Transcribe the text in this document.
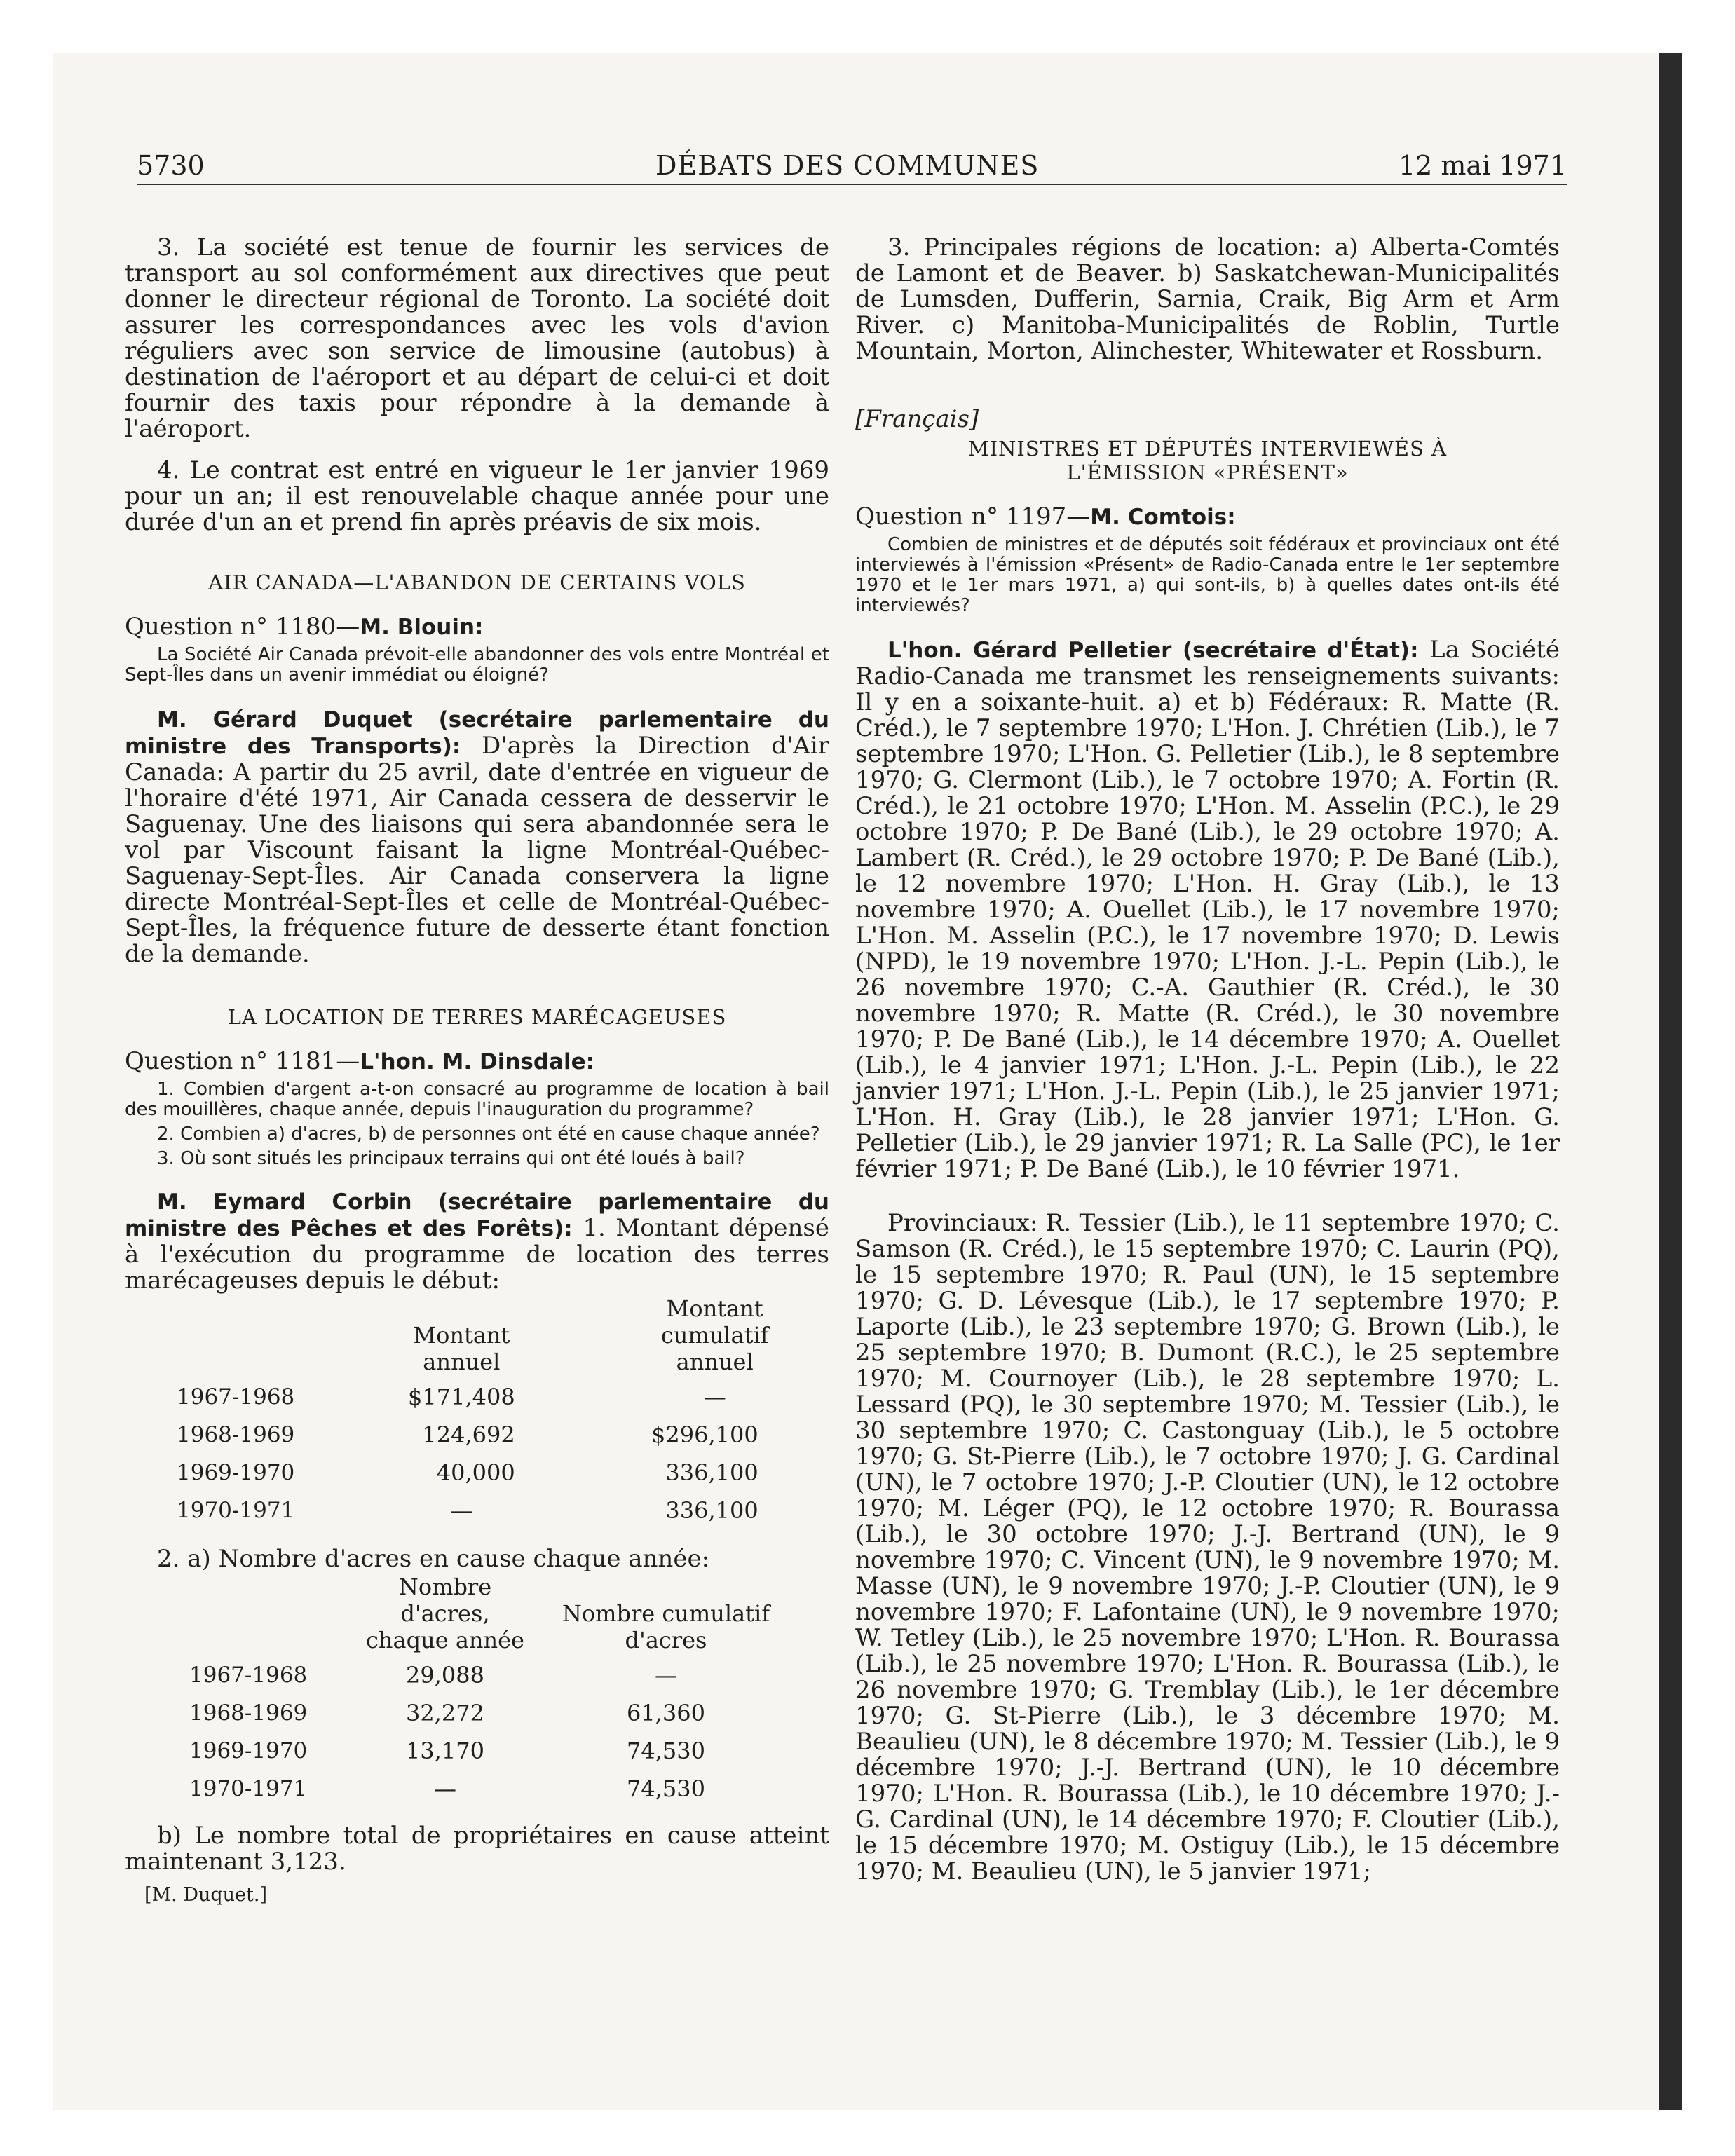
5730	DÉBATS DES COMMUNES	12 mai 1971

3. La société est tenue de fournir les services de transport au sol conformément aux directives que peut donner le directeur régional de Toronto. La société doit assurer les correspondances avec les vols d'avion réguliers avec son service de limousine (autobus) à destination de l'aéroport et au départ de celui-ci et doit fournir des taxis pour répondre à la demande à l'aéroport.

4. Le contrat est entré en vigueur le 1er janvier 1969 pour un an; il est renouvelable chaque année pour une durée d'un an et prend fin après préavis de six mois.

AIR CANADA—L'ABANDON DE CERTAINS VOLS

Question n° 1180—M. Blouin:

La Société Air Canada prévoit-elle abandonner des vols entre Montréal et Sept-Îles dans un avenir immédiat ou éloigné?

M. Gérard Duquet (secrétaire parlementaire du ministre des Transports): D'après la Direction d'Air Canada: A partir du 25 avril, date d'entrée en vigueur de l'horaire d'été 1971, Air Canada cessera de desservir le Saguenay. Une des liaisons qui sera abandonnée sera le vol par Viscount faisant la ligne Montréal-Québec-Saguenay-Sept-Îles. Air Canada conservera la ligne directe Montréal-Sept-Îles et celle de Montréal-Québec-Sept-Îles, la fréquence future de desserte étant fonction de la demande.

LA LOCATION DE TERRES MARÉCAGEUSES

Question n° 1181—L'hon. M. Dinsdale:

1. Combien d'argent a-t-on consacré au programme de location à bail des mouillères, chaque année, depuis l'inauguration du programme?

2. Combien a) d'acres, b) de personnes ont été en cause chaque année?

3. Où sont situés les principaux terrains qui ont été loués à bail?

M. Eymard Corbin (secrétaire parlementaire du ministre des Pêches et des Forêts): 1. Montant dépensé à l'exécution du programme de location des terres marécageuses depuis le début:

	Montant annuel		Montant cumulatif annuel
1967-1968	$171,408		—
1968-1969	124,692		$296,100
1969-1970	40,000		336,100
1970-1971	—		336,100

2. a) Nombre d'acres en cause chaque année:

	Nombre d'acres, chaque année		Nombre cumulatif d'acres
1967-1968	29,088		—
1968-1969	32,272		61,360
1969-1970	13,170		74,530
1970-1971	—		74,530

b) Le nombre total de propriétaires en cause atteint maintenant 3,123.

[M. Duquet.]

3. Principales régions de location: a) Alberta-Comtés de Lamont et de Beaver. b) Saskatchewan-Municipalités de Lumsden, Dufferin, Sarnia, Craik, Big Arm et Arm River. c) Manitoba-Municipalités de Roblin, Turtle Mountain, Morton, Alinchester, Whitewater et Rossburn.

[Français]

MINISTRES ET DÉPUTÉS INTERVIEWÉS À L'ÉMISSION «PRÉSENT»

Question n° 1197—M. Comtois:

Combien de ministres et de députés soit fédéraux et provinciaux ont été interviewés à l'émission «Présent» de Radio-Canada entre le 1er septembre 1970 et le 1er mars 1971, a) qui sont-ils, b) à quelles dates ont-ils été interviewés?

L'hon. Gérard Pelletier (secrétaire d'État): La Société Radio-Canada me transmet les renseignements suivants: Il y en a soixante-huit. a) et b) Fédéraux: R. Matte (R. Créd.), le 7 septembre 1970; L'Hon. J. Chrétien (Lib.), le 7 septembre 1970; L'Hon. G. Pelletier (Lib.), le 8 septembre 1970; G. Clermont (Lib.), le 7 octobre 1970; A. Fortin (R. Créd.), le 21 octobre 1970; L'Hon. M. Asselin (P.C.), le 29 octobre 1970; P. De Bané (Lib.), le 29 octobre 1970; A. Lambert (R. Créd.), le 29 octobre 1970; P. De Bané (Lib.), le 12 novembre 1970; L'Hon. H. Gray (Lib.), le 13 novembre 1970; A. Ouellet (Lib.), le 17 novembre 1970; L'Hon. M. Asselin (P.C.), le 17 novembre 1970; D. Lewis (NPD), le 19 novembre 1970; L'Hon. J.-L. Pepin (Lib.), le 26 novembre 1970; C.-A. Gauthier (R. Créd.), le 30 novembre 1970; R. Matte (R. Créd.), le 30 novembre 1970; P. De Bané (Lib.), le 14 décembre 1970; A. Ouellet (Lib.), le 4 janvier 1971; L'Hon. J.-L. Pepin (Lib.), le 22 janvier 1971; L'Hon. J.-L. Pepin (Lib.), le 25 janvier 1971; L'Hon. H. Gray (Lib.), le 28 janvier 1971; L'Hon. G. Pelletier (Lib.), le 29 janvier 1971; R. La Salle (PC), le 1er février 1971; P. De Bané (Lib.), le 10 février 1971.

Provinciaux: R. Tessier (Lib.), le 11 septembre 1970; C. Samson (R. Créd.), le 15 septembre 1970; C. Laurin (PQ), le 15 septembre 1970; R. Paul (UN), le 15 septembre 1970; G. D. Lévesque (Lib.), le 17 septembre 1970; P. Laporte (Lib.), le 23 septembre 1970; G. Brown (Lib.), le 25 septembre 1970; B. Dumont (R.C.), le 25 septembre 1970; M. Cournoyer (Lib.), le 28 septembre 1970; L. Lessard (PQ), le 30 septembre 1970; M. Tessier (Lib.), le 30 septembre 1970; C. Castonguay (Lib.), le 5 octobre 1970; G. St-Pierre (Lib.), le 7 octobre 1970; J. G. Cardinal (UN), le 7 octobre 1970; J.-P. Cloutier (UN), le 12 octobre 1970; M. Léger (PQ), le 12 octobre 1970; R. Bourassa (Lib.), le 30 octobre 1970; J.-J. Bertrand (UN), le 9 novembre 1970; C. Vincent (UN), le 9 novembre 1970; M. Masse (UN), le 9 novembre 1970; J.-P. Cloutier (UN), le 9 novembre 1970; F. Lafontaine (UN), le 9 novembre 1970; W. Tetley (Lib.), le 25 novembre 1970; L'Hon. R. Bourassa (Lib.), le 25 novembre 1970; L'Hon. R. Bourassa (Lib.), le 26 novembre 1970; G. Tremblay (Lib.), le 1er décembre 1970; G. St-Pierre (Lib.), le 3 décembre 1970; M. Beaulieu (UN), le 8 décembre 1970; M. Tessier (Lib.), le 9 décembre 1970; J.-J. Bertrand (UN), le 10 décembre 1970; L'Hon. R. Bourassa (Lib.), le 10 décembre 1970; J.-G. Cardinal (UN), le 14 décembre 1970; F. Cloutier (Lib.), le 15 décembre 1970; M. Ostiguy (Lib.), le 15 décembre 1970; M. Beaulieu (UN), le 5 janvier 1971;
